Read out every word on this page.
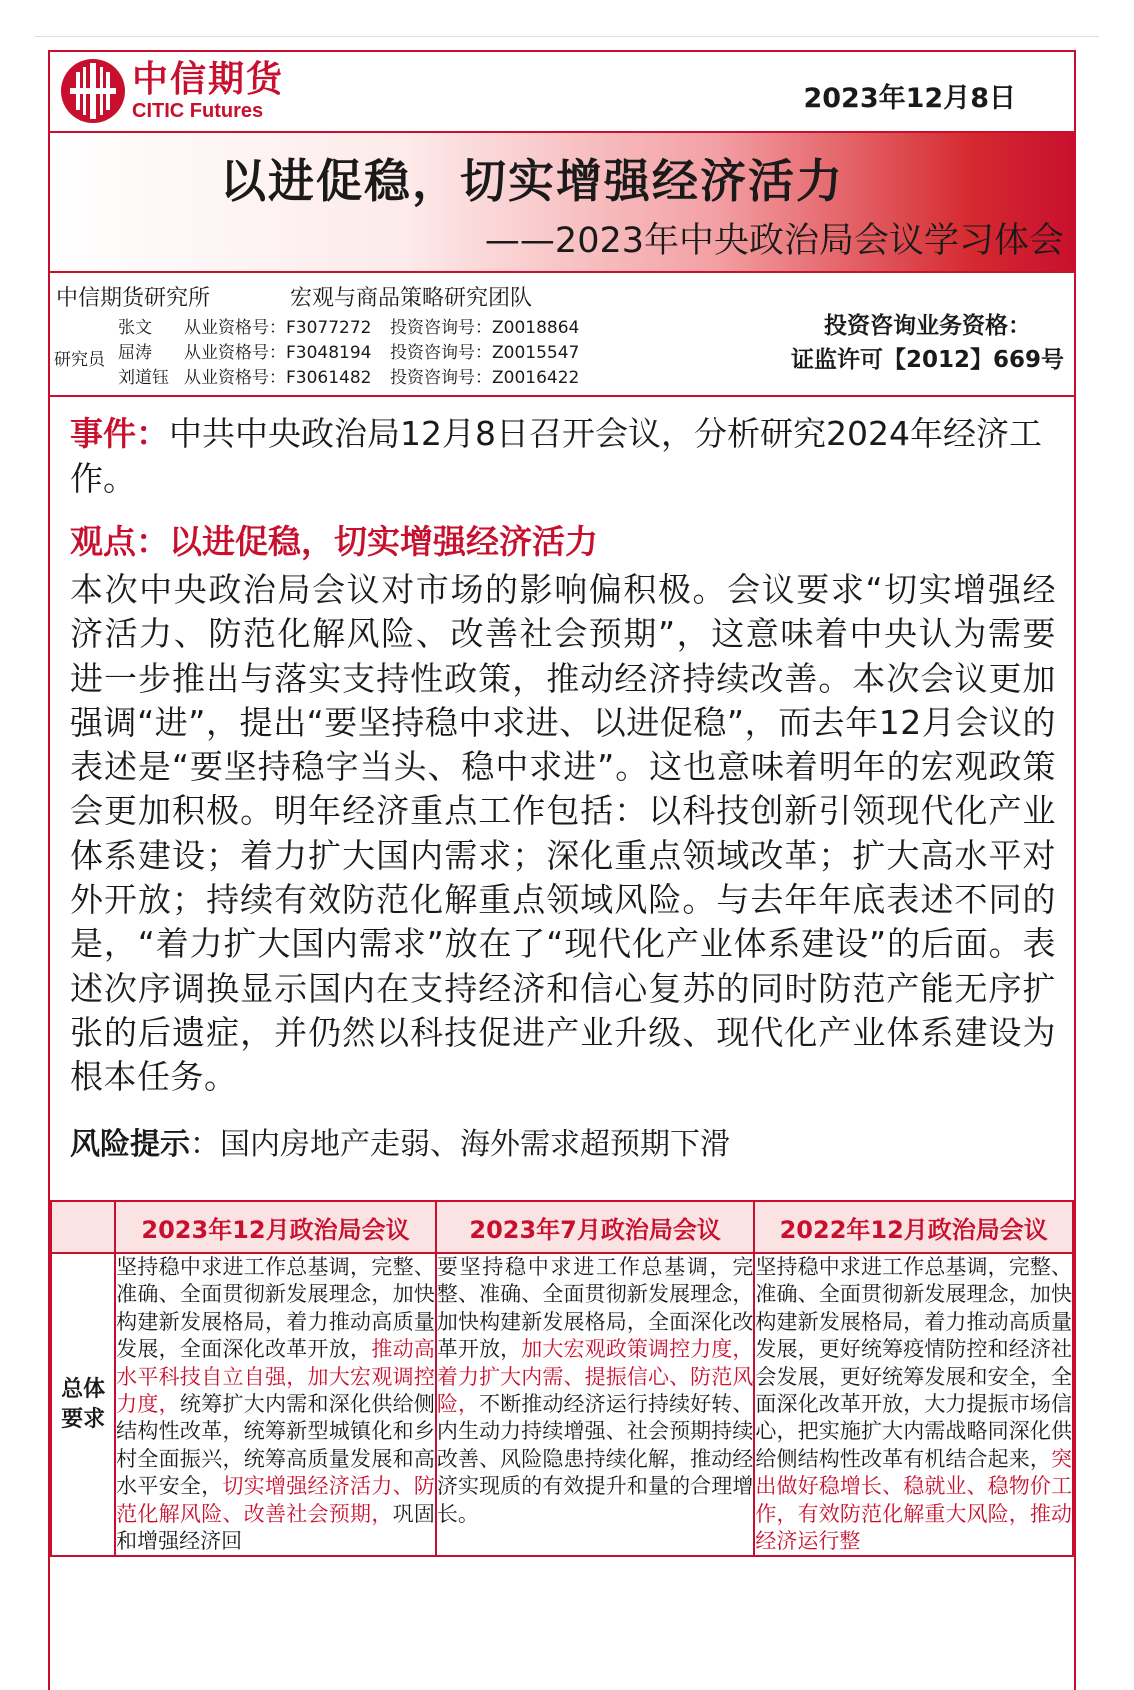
中信期货
CITIC Futures	2023年12月8日
以进促稳，切实增强经济活力
——2023年中央政治局会议学习体会
中信期货研究所	宏观与商品策略研究团队
研究员
张文	从业资格号：F3077272	投资咨询号：Z0018864
屈涛	从业资格号：F3048194	投资咨询号：Z0015547
刘道钰 从业资格号：F3061482	投资咨询号：Z0016422
投资咨询业务资格：
证监许可【2012】669号

事件：中共中央政治局12月8日召开会议，分析研究2024年经济工作。

观点：以进促稳，切实增强经济活力

本次中央政治局会议对市场的影响偏积极。会议要求“切实增强经济活力、防范化解风险、改善社会预期”，这意味着中央认为需要进一步推出与落实支持性政策，推动经济持续改善。本次会议更加强调“进”，提出“要坚持稳中求进、以进促稳”，而去年12月会议的表述是“要坚持稳字当头、稳中求进”。这也意味着明年的宏观政策会更加积极。明年经济重点工作包括：以科技创新引领现代化产业体系建设；着力扩大国内需求；深化重点领域改革；扩大高水平对外开放；持续有效防范化解重点领域风险。与去年年底表述不同的是，“着力扩大国内需求”放在了“现代化产业体系建设”的后面。表述次序调换显示国内在支持经济和信心复苏的同时防范产能无序扩张的后遗症，并仍然以科技促进产业升级、现代化产业体系建设为根本任务。

风险提示：国内房地产走弱、海外需求超预期下滑

	2023年12月政治局会议	2023年7月政治局会议	2022年12月政治局会议
总体要求	坚持稳中求进工作总基调，完整、准确、全面贯彻新发展理念，加快构建新发展格局，着力推动高质量发展，全面深化改革开放，推动高水平科技自立自强，加大宏观调控力度，统筹扩大内需和深化供给侧结构性改革，统筹新型城镇化和乡村全面振兴，统筹高质量发展和高水平安全，切实增强经济活力、防范化解风险、改善社会预期，巩固和增强经济回	要坚持稳中求进工作总基调，完整、准确、全面贯彻新发展理念，加快构建新发展格局，全面深化改革开放，加大宏观政策调控力度，着力扩大内需、提振信心、防范风险，不断推动经济运行持续好转、内生动力持续增强、社会预期持续改善、风险隐患持续化解，推动经济实现质的有效提升和量的合理增长。	坚持稳中求进工作总基调，完整、准确、全面贯彻新发展理念，加快构建新发展格局，着力推动高质量发展，更好统筹疫情防控和经济社会发展，更好统筹发展和安全，全面深化改革开放，大力提振市场信心，把实施扩大内需战略同深化供给侧结构性改革有机结合起来，突出做好稳增长、稳就业、稳物价工作，有效防范化解重大风险，推动经济运行整
